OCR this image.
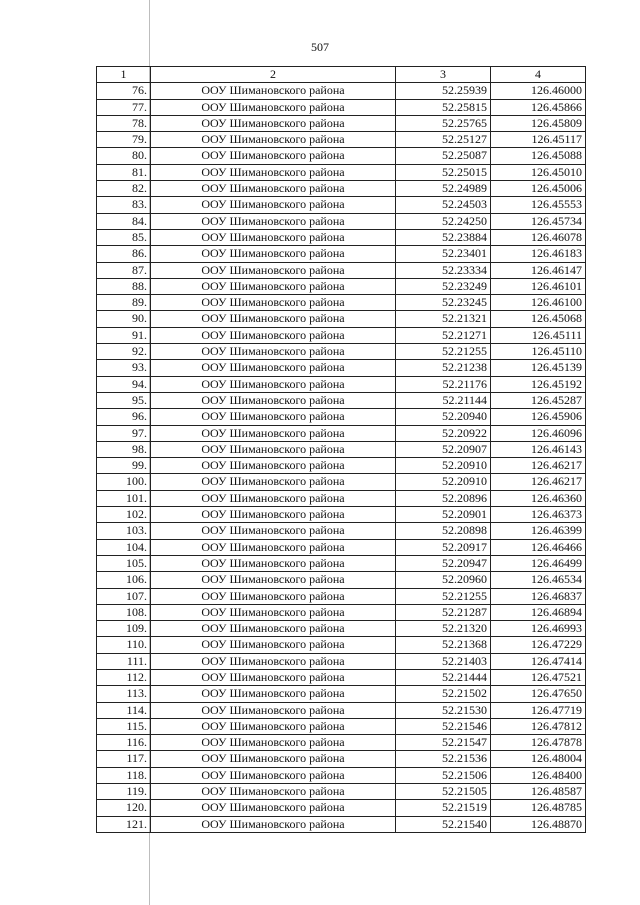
507
1	2	3	4
76.	ООУ Шимановского района	52.25939	126.46000
77.	ООУ Шимановского района	52.25815	126.45866
78.	ООУ Шимановского района	52.25765	126.45809
79.	ООУ Шимановского района	52.25127	126.45117
80.	ООУ Шимановского района	52.25087	126.45088
81.	ООУ Шимановского района	52.25015	126.45010
82.	ООУ Шимановского района	52.24989	126.45006
83.	ООУ Шимановского района	52.24503	126.45553
84.	ООУ Шимановского района	52.24250	126.45734
85.	ООУ Шимановского района	52.23884	126.46078
86.	ООУ Шимановского района	52.23401	126.46183
87.	ООУ Шимановского района	52.23334	126.46147
88.	ООУ Шимановского района	52.23249	126.46101
89.	ООУ Шимановского района	52.23245	126.46100
90.	ООУ Шимановского района	52.21321	126.45068
91.	ООУ Шимановского района	52.21271	126.45111
92.	ООУ Шимановского района	52.21255	126.45110
93.	ООУ Шимановского района	52.21238	126.45139
94.	ООУ Шимановского района	52.21176	126.45192
95.	ООУ Шимановского района	52.21144	126.45287
96.	ООУ Шимановского района	52.20940	126.45906
97.	ООУ Шимановского района	52.20922	126.46096
98.	ООУ Шимановского района	52.20907	126.46143
99.	ООУ Шимановского района	52.20910	126.46217
100.	ООУ Шимановского района	52.20910	126.46217
101.	ООУ Шимановского района	52.20896	126.46360
102.	ООУ Шимановского района	52.20901	126.46373
103.	ООУ Шимановского района	52.20898	126.46399
104.	ООУ Шимановского района	52.20917	126.46466
105.	ООУ Шимановского района	52.20947	126.46499
106.	ООУ Шимановского района	52.20960	126.46534
107.	ООУ Шимановского района	52.21255	126.46837
108.	ООУ Шимановского района	52.21287	126.46894
109.	ООУ Шимановского района	52.21320	126.46993
110.	ООУ Шимановского района	52.21368	126.47229
111.	ООУ Шимановского района	52.21403	126.47414
112.	ООУ Шимановского района	52.21444	126.47521
113.	ООУ Шимановского района	52.21502	126.47650
114.	ООУ Шимановского района	52.21530	126.47719
115.	ООУ Шимановского района	52.21546	126.47812
116.	ООУ Шимановского района	52.21547	126.47878
117.	ООУ Шимановского района	52.21536	126.48004
118.	ООУ Шимановского района	52.21506	126.48400
119.	ООУ Шимановского района	52.21505	126.48587
120.	ООУ Шимановского района	52.21519	126.48785
121.	ООУ Шимановского района	52.21540	126.48870
